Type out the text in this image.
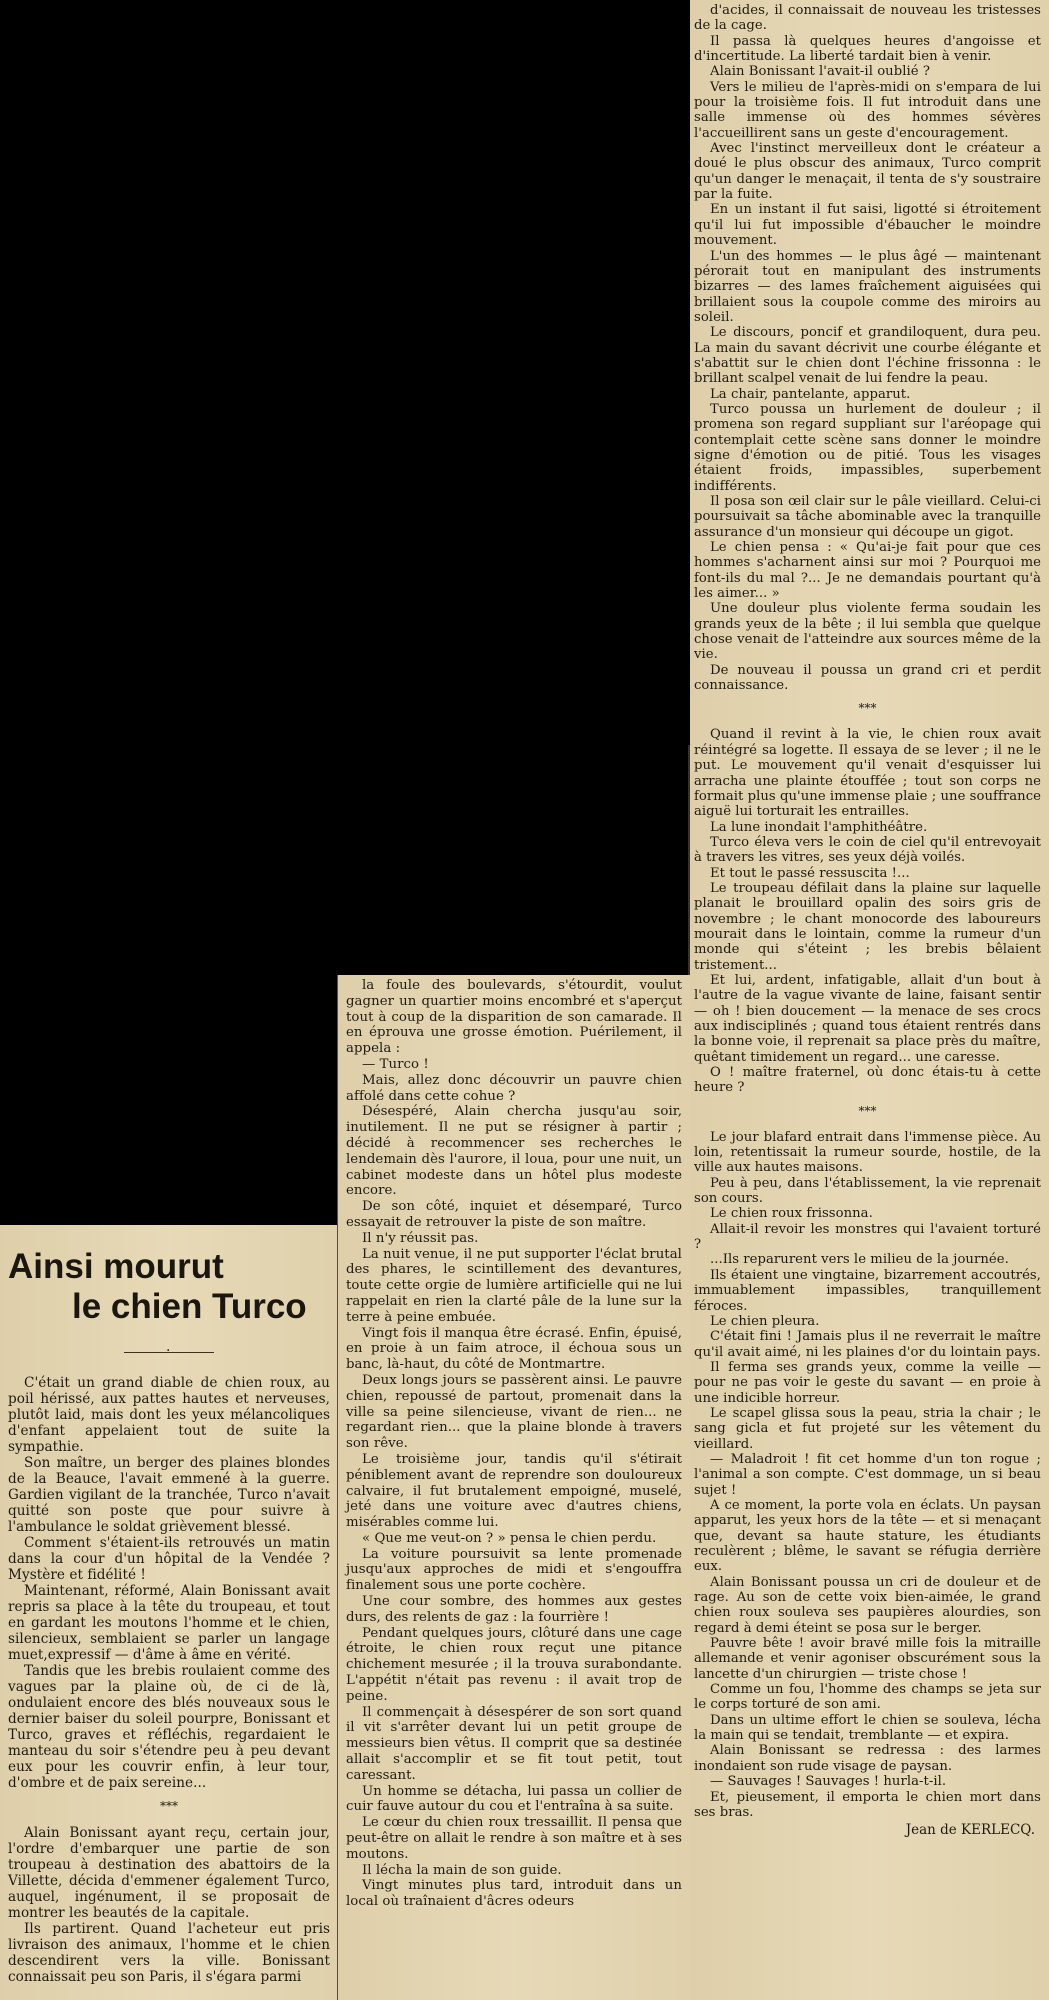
Ainsi mourut
le chien Turco
·

C'était un grand diable de chien roux, au poil hérissé, aux pattes hautes et nerveuses, plutôt laid, mais dont les yeux mélancoliques d'enfant appelaient tout de suite la sympathie.

Son maître, un berger des plaines blondes de la Beauce, l'avait emmené à la guerre. Gardien vigilant de la tranchée, Turco n'avait quitté son poste que pour suivre à l'ambulance le soldat grièvement blessé.

Comment s'étaient-ils retrouvés un matin dans la cour d'un hôpital de la Vendée ? Mystère et fidélité !

Maintenant, réformé, Alain Bonissant avait repris sa place à la tête du troupeau, et tout en gardant les moutons l'homme et le chien, silencieux, semblaient se parler un langage muet,expressif — d'âme à âme en vérité.

Tandis que les brebis roulaient comme des vagues par la plaine où, de ci de là, ondulaient encore des blés nouveaux sous le dernier baiser du soleil pourpre, Bonissant et Turco, graves et réfléchis, regardaient le manteau du soir s'étendre peu à peu devant eux pour les couvrir enfin, à leur tour, d'ombre et de paix sereine...

***

Alain Bonissant ayant reçu, certain jour, l'ordre d'embarquer une partie de son troupeau à destination des abattoirs de la Villette, décida d'emmener également Turco, auquel, ingénument, il se proposait de montrer les beautés de la capitale.

Ils partirent. Quand l'acheteur eut pris livraison des animaux, l'homme et le chien descendirent vers la ville. Bonissant connaissait peu son Paris, il s'égara parmi

la foule des boulevards, s'étourdit, voulut gagner un quartier moins encombré et s'aperçut tout à coup de la disparition de son camarade. Il en éprouva une grosse émotion. Puérilement, il appela :

— Turco !

Mais, allez donc découvrir un pauvre chien affolé dans cette cohue ?

Désespéré, Alain chercha jusqu'au soir, inutilement. Il ne put se résigner à partir ; décidé à recommencer ses recherches le lendemain dès l'aurore, il loua, pour une nuit, un cabinet modeste dans un hôtel plus modeste encore.

De son côté, inquiet et désemparé, Turco essayait de retrouver la piste de son maître.

Il n'y réussit pas.

La nuit venue, il ne put supporter l'éclat brutal des phares, le scintillement des devantures, toute cette orgie de lumière artificielle qui ne lui rappelait en rien la clarté pâle de la lune sur la terre à peine embuée.

Vingt fois il manqua être écrasé. Enfin, épuisé, en proie à un faim atroce, il échoua sous un banc, là-haut, du côté de Montmartre.

Deux longs jours se passèrent ainsi. Le pauvre chien, repoussé de partout, promenait dans la ville sa peine silencieuse, vivant de rien... ne regardant rien... que la plaine blonde à travers son rêve.

Le troisième jour, tandis qu'il s'étirait péniblement avant de reprendre son douloureux calvaire, il fut brutalement empoigné, muselé, jeté dans une voiture avec d'autres chiens, misérables comme lui.

« Que me veut-on ? » pensa le chien perdu.

La voiture poursuivit sa lente promenade jusqu'aux approches de midi et s'engouffra finalement sous une porte cochère.

Une cour sombre, des hommes aux gestes durs, des relents de gaz : la fourrière !

Pendant quelques jours, clôturé dans une cage étroite, le chien roux reçut une pitance chichement mesurée ; il la trouva surabondante. L'appétit n'était pas revenu : il avait trop de peine.

Il commençait à désespérer de son sort quand il vit s'arrêter devant lui un petit groupe de messieurs bien vêtus. Il comprit que sa destinée allait s'accomplir et se fit tout petit, tout caressant.

Un homme se détacha, lui passa un collier de cuir fauve autour du cou et l'entraîna à sa suite.

Le cœur du chien roux tressaillit. Il pensa que peut-être on allait le rendre à son maître et à ses moutons.

Il lécha la main de son guide.

Vingt minutes plus tard, introduit dans un local où traînaient d'âcres odeurs

d'acides, il connaissait de nouveau les tristesses de la cage.

Il passa là quelques heures d'angoisse et d'incertitude. La liberté tardait bien à venir.

Alain Bonissant l'avait-il oublié ?

Vers le milieu de l'après-midi on s'empara de lui pour la troisième fois. Il fut introduit dans une salle immense où des hommes sévères l'accueillirent sans un geste d'encouragement.

Avec l'instinct merveilleux dont le créateur a doué le plus obscur des animaux, Turco comprit qu'un danger le menaçait, il tenta de s'y soustraire par la fuite.

En un instant il fut saisi, ligotté si étroitement qu'il lui fut impossible d'ébaucher le moindre mouvement.

L'un des hommes — le plus âgé — maintenant pérorait tout en manipulant des instruments bizarres — des lames fraîchement aiguisées qui brillaient sous la coupole comme des miroirs au soleil.

Le discours, poncif et grandiloquent, dura peu. La main du savant décrivit une courbe élégante et s'abattit sur le chien dont l'échine frissonna : le brillant scalpel venait de lui fendre la peau.

La chair, pantelante, apparut.

Turco poussa un hurlement de douleur ; il promena son regard suppliant sur l'aréopage qui contemplait cette scène sans donner le moindre signe d'émotion ou de pitié. Tous les visages étaient froids, impassibles, superbement indifférents.

Il posa son œil clair sur le pâle vieillard. Celui-ci poursuivait sa tâche abominable avec la tranquille assurance d'un monsieur qui découpe un gigot.

Le chien pensa : « Qu'ai-je fait pour que ces hommes s'acharnent ainsi sur moi ? Pourquoi me font-ils du mal ?... Je ne demandais pourtant qu'à les aimer... »

Une douleur plus violente ferma soudain les grands yeux de la bête ; il lui sembla que quelque chose venait de l'atteindre aux sources même de la vie.

De nouveau il poussa un grand cri et perdit connaissance.

***

Quand il revint à la vie, le chien roux avait réintégré sa logette. Il essaya de se lever ; il ne le put. Le mouvement qu'il venait d'esquisser lui arracha une plainte étouffée ; tout son corps ne formait plus qu'une immense plaie ; une souffrance aiguë lui torturait les entrailles.

La lune inondait l'amphithéâtre.

Turco éleva vers le coin de ciel qu'il entrevoyait à travers les vitres, ses yeux déjà voilés.

Et tout le passé ressuscita !...

Le troupeau défilait dans la plaine sur laquelle planait le brouillard opalin des soirs gris de novembre ; le chant monocorde des laboureurs mourait dans le lointain, comme la rumeur d'un monde qui s'éteint ; les brebis bêlaient tristement...

Et lui, ardent, infatigable, allait d'un bout à l'autre de la vague vivante de laine, faisant sentir — oh ! bien doucement — la menace de ses crocs aux indisciplinés ; quand tous étaient rentrés dans la bonne voie, il reprenait sa place près du maître, quêtant timidement un regard... une caresse.

O ! maître fraternel, où donc étais-tu à cette heure ?

***

Le jour blafard entrait dans l'immense pièce. Au loin, retentissait la rumeur sourde, hostile, de la ville aux hautes maisons.

Peu à peu, dans l'établissement, la vie reprenait son cours.

Le chien roux frissonna.

Allait-il revoir les monstres qui l'avaient torturé ?

...Ils reparurent vers le milieu de la journée.

Ils étaient une vingtaine, bizarrement accoutrés, immuablement impassibles, tranquillement féroces.

Le chien pleura.

C'était fini ! Jamais plus il ne reverrait le maître qu'il avait aimé, ni les plaines d'or du lointain pays.

Il ferma ses grands yeux, comme la veille — pour ne pas voir le geste du savant — en proie à une indicible horreur.

Le scapel glissa sous la peau, stria la chair ; le sang gicla et fut projeté sur les vêtement du vieillard.

— Maladroit ! fit cet homme d'un ton rogue ; l'animal a son compte. C'est dommage, un si beau sujet !

A ce moment, la porte vola en éclats. Un paysan apparut, les yeux hors de la tête — et si menaçant que, devant sa haute stature, les étudiants reculèrent ; blême, le savant se réfugia derrière eux.

Alain Bonissant poussa un cri de douleur et de rage. Au son de cette voix bien-aimée, le grand chien roux souleva ses paupières alourdies, son regard à demi éteint se posa sur le berger.

Pauvre bête ! avoir bravé mille fois la mitraille allemande et venir agoniser obscurément sous la lancette d'un chirurgien — triste chose !

Comme un fou, l'homme des champs se jeta sur le corps torturé de son ami.

Dans un ultime effort le chien se souleva, lécha la main qui se tendait, tremblante — et expira.

Alain Bonissant se redressa : des larmes inondaient son rude visage de paysan.

— Sauvages ! Sauvages ! hurla-t-il.

Et, pieusement, il emporta le chien mort dans ses bras.

Jean de KERLECQ.
